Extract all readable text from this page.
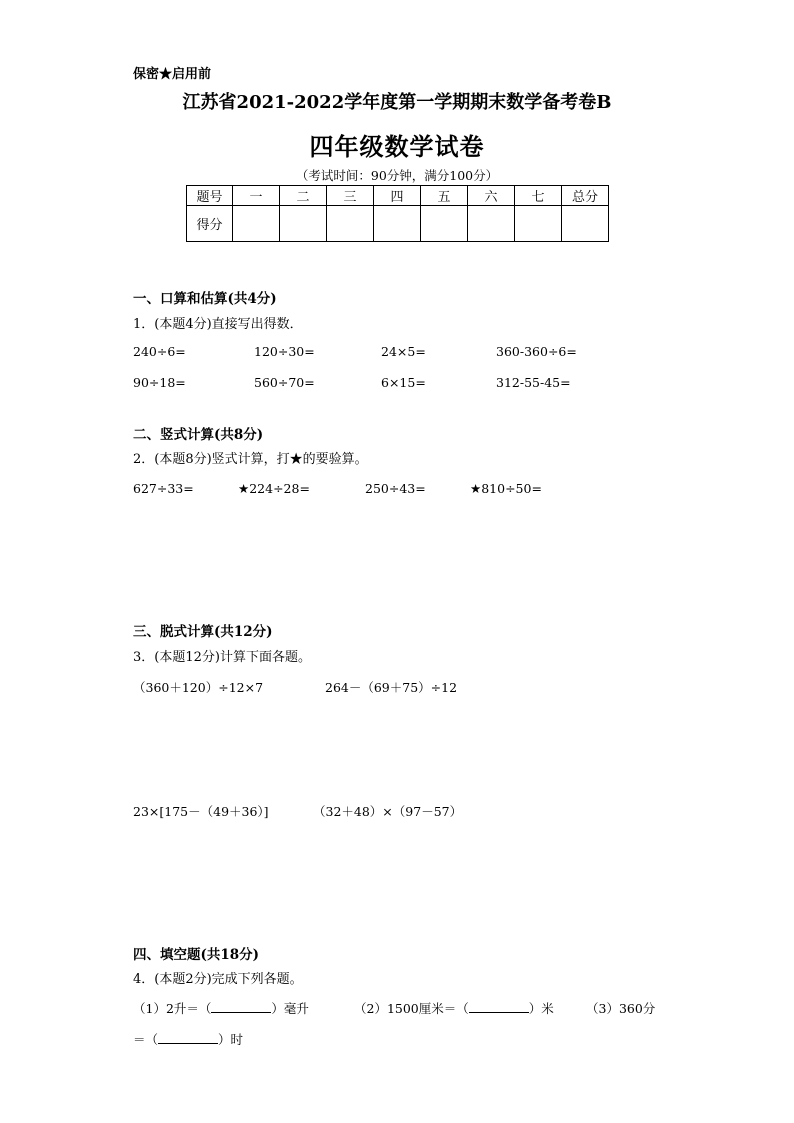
保密★启用前
江苏省2021-2022学年度第一学期期末数学备考卷B
四年级数学试卷
（考试时间：90分钟，满分100分）
题号	一	二	三	四	五	六	七	总分
得分								
一、口算和估算(共4分)
1．(本题4分)直接写出得数．
240÷6=	120÷30=	24×5=	360-360÷6=
90÷18=	560÷70=	6×15=	312-55-45=
二、竖式计算(共8分)
2．(本题8分)竖式计算，打★的要验算。
627÷33=	★224÷28=	250÷43=	★810÷50=
三、脱式计算(共12分)
3．(本题12分)计算下面各题。
（360＋120）÷12×7	264－（69＋75）÷12
23×[175－（49＋36）]	（32＋48）×（97－57）
四、填空题(共18分)
4．(本题2分)完成下列各题。
（1）2升＝（	）毫升	（2）1500厘米＝（	）米	（3）360分
＝（	）时
